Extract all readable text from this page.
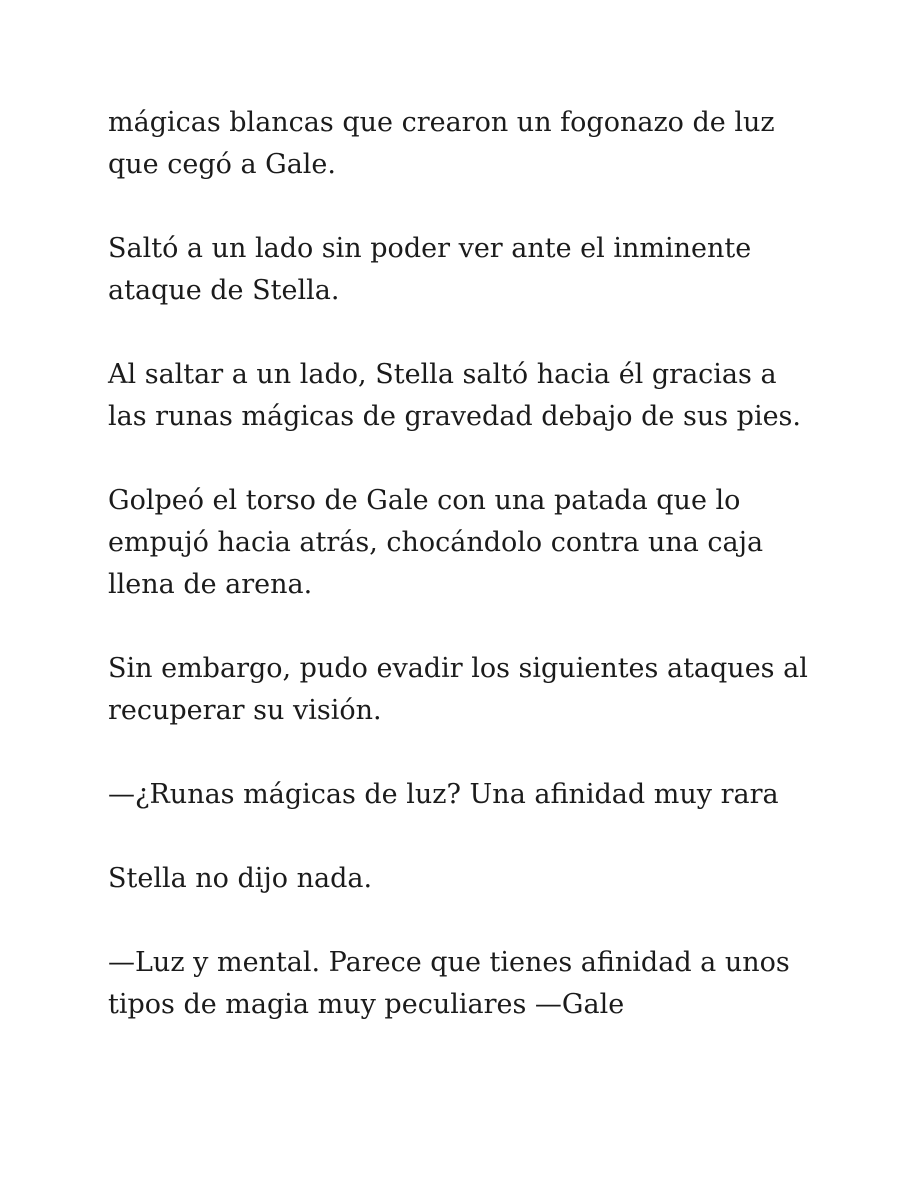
mágicas blancas que crearon un fogonazo de luz que cegó a Gale.

Saltó a un lado sin poder ver ante el inminente ataque de Stella.

Al saltar a un lado, Stella saltó hacia él gracias a las runas mágicas de gravedad debajo de sus pies.

Golpeó el torso de Gale con una patada que lo empujó hacia atrás, chocándolo contra una caja llena de arena.

Sin embargo, pudo evadir los siguientes ataques al recuperar su visión.

—¿Runas mágicas de luz? Una afinidad muy rara

Stella no dijo nada.

—Luz y mental. Parece que tienes afinidad a unos tipos de magia muy peculiares —Gale
